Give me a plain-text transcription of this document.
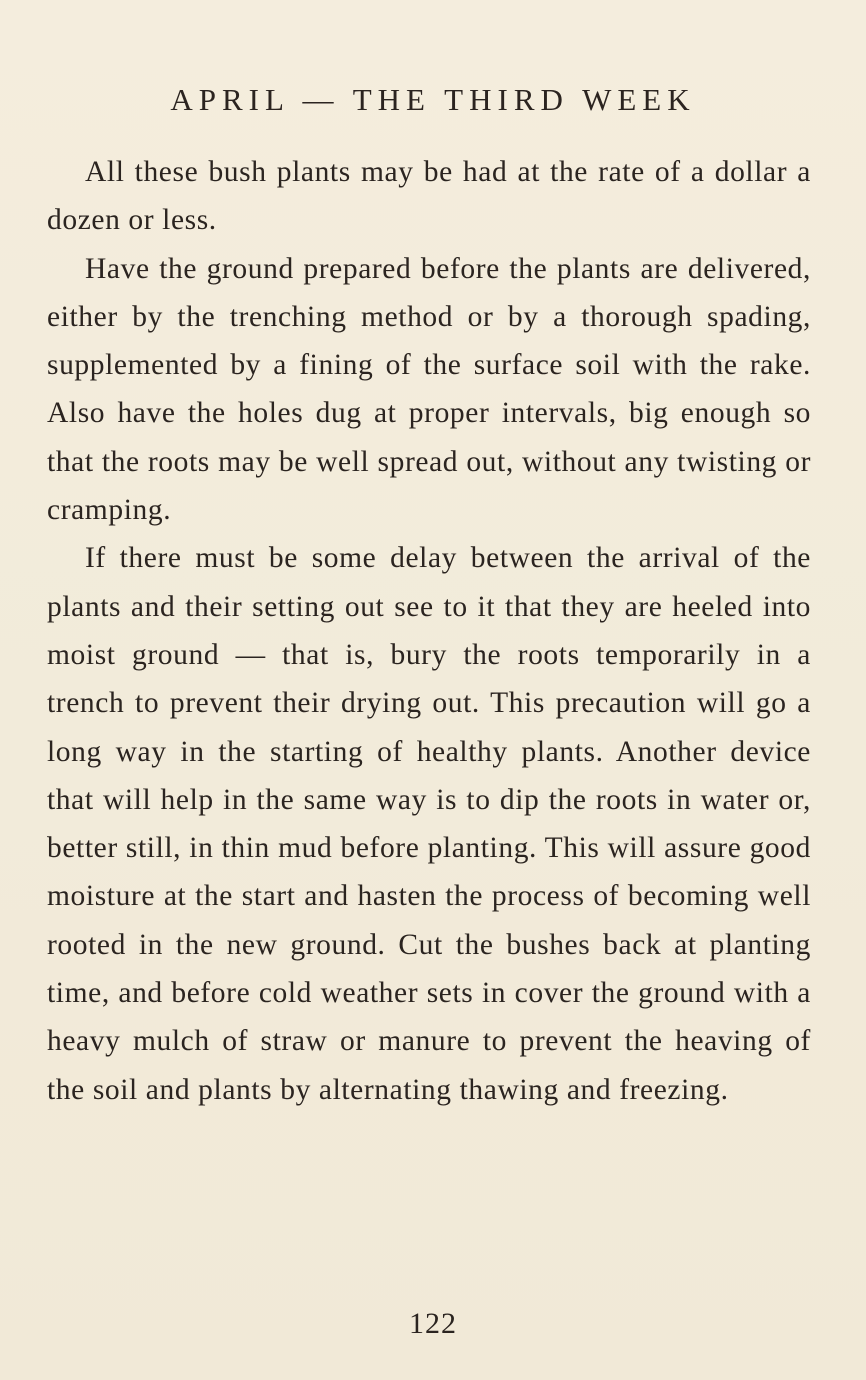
APRIL — THE THIRD WEEK

All these bush plants may be had at the rate of a dollar a dozen or less.

Have the ground prepared before the plants are delivered, either by the trenching method or by a thorough spading, supplemented by a fining of the surface soil with the rake. Also have the holes dug at proper intervals, big enough so that the roots may be well spread out, without any twisting or cramping.

If there must be some delay between the arrival of the plants and their setting out see to it that they are heeled into moist ground — that is, bury the roots temporarily in a trench to prevent their drying out. This precaution will go a long way in the starting of healthy plants. Another device that will help in the same way is to dip the roots in water or, better still, in thin mud before planting. This will assure good moisture at the start and hasten the process of becoming well rooted in the new ground. Cut the bushes back at planting time, and before cold weather sets in cover the ground with a heavy mulch of straw or manure to prevent the heaving of the soil and plants by alternating thawing and freezing.

122
